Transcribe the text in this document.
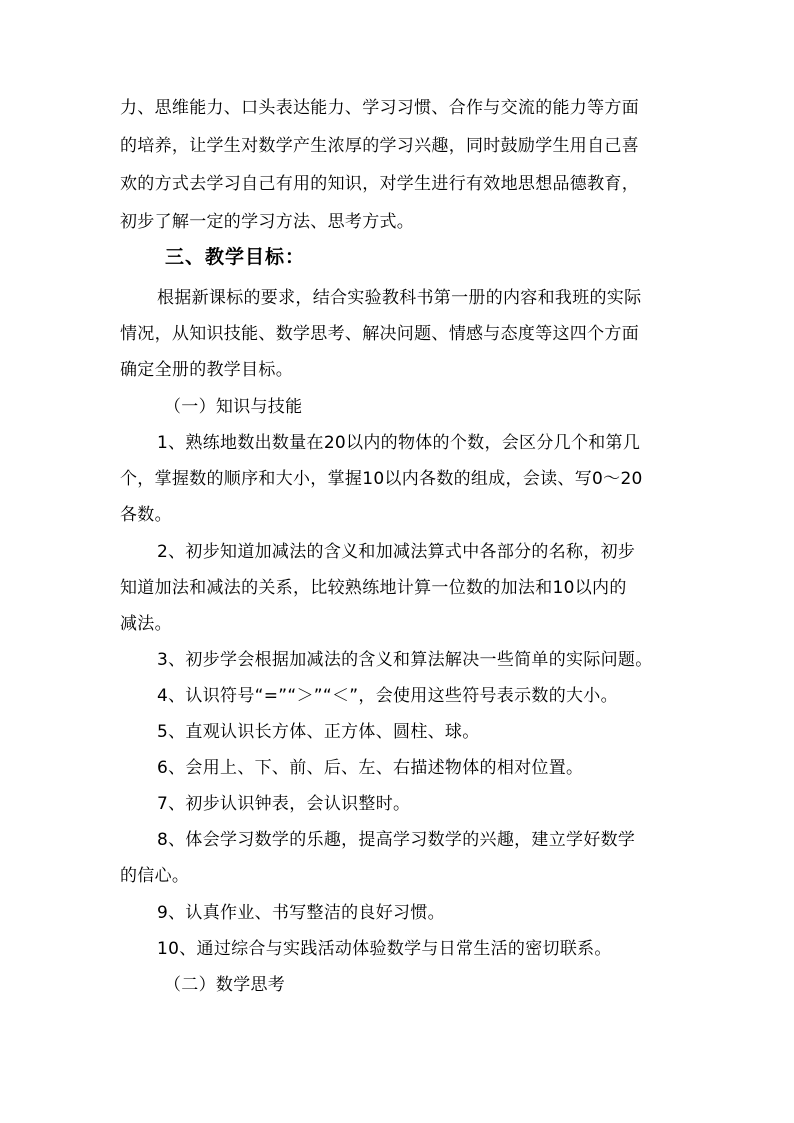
力、思维能力、口头表达能力、学习习惯、合作与交流的能力等方面
的培养，让学生对数学产生浓厚的学习兴趣，同时鼓励学生用自己喜
欢的方式去学习自己有用的知识，对学生进行有效地思想品德教育，
初步了解一定的学习方法、思考方式。
三、教学目标：
根据新课标的要求，结合实验教科书第一册的内容和我班的实际
情况，从知识技能、数学思考、解决问题、情感与态度等这四个方面
确定全册的教学目标。
（一）知识与技能
1、熟练地数出数量在20以内的物体的个数，会区分几个和第几
个，掌握数的顺序和大小，掌握10以内各数的组成，会读、写0～20
各数。
2、初步知道加减法的含义和加减法算式中各部分的名称，初步
知道加法和减法的关系，比较熟练地计算一位数的加法和10以内的
减法。
3、初步学会根据加减法的含义和算法解决一些简单的实际问题。
4、认识符号“=”“＞”“＜”，会使用这些符号表示数的大小。
5、直观认识长方体、正方体、圆柱、球。
6、会用上、下、前、后、左、右描述物体的相对位置。
7、初步认识钟表，会认识整时。
8、体会学习数学的乐趣，提高学习数学的兴趣，建立学好数学
的信心。
9、认真作业、书写整洁的良好习惯。
10、通过综合与实践活动体验数学与日常生活的密切联系。
（二）数学思考
